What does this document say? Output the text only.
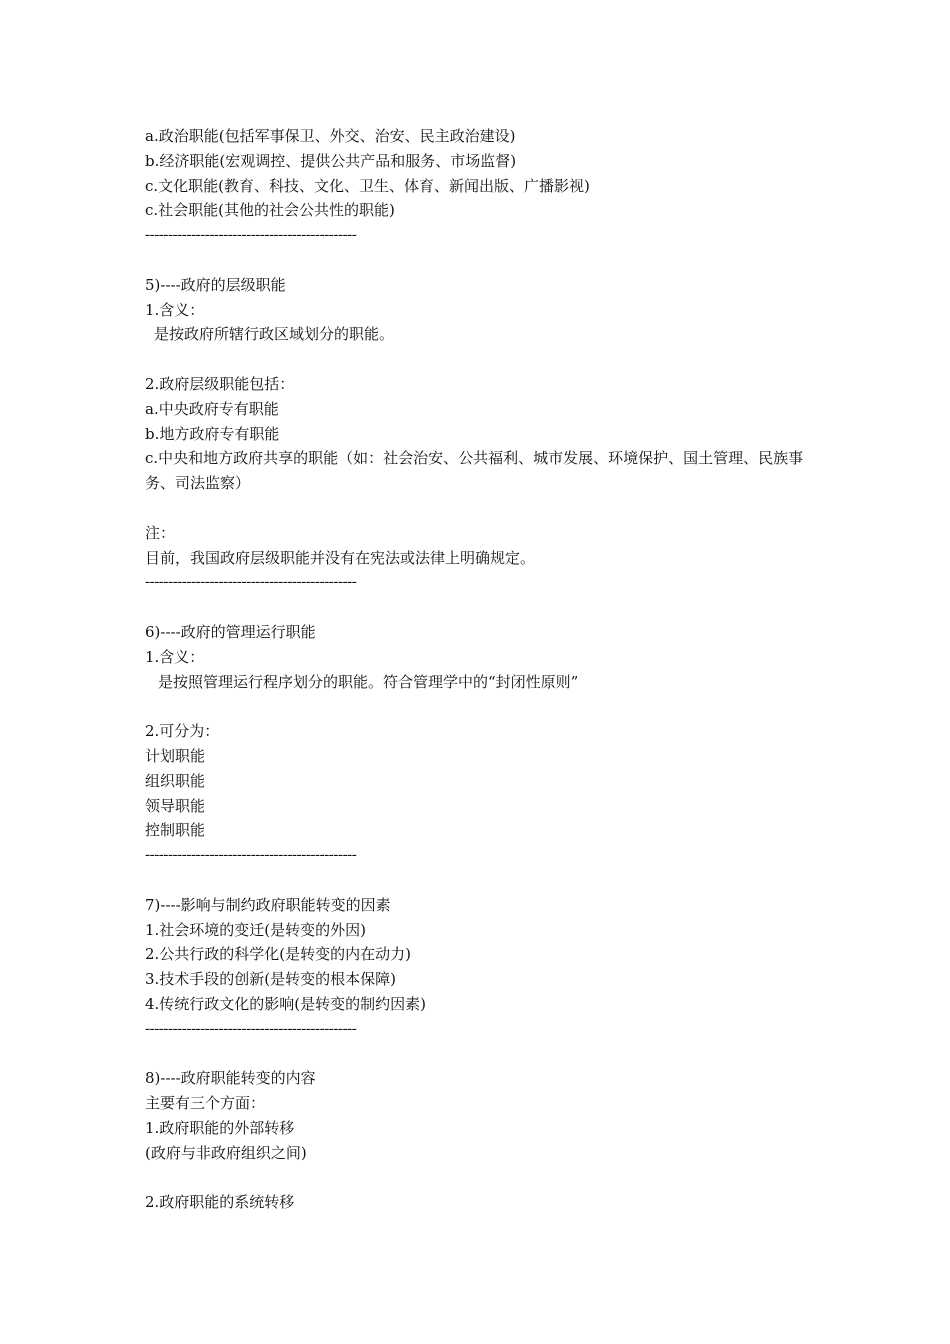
a.政治职能(包括军事保卫、外交、治安、民主政治建设)

b.经济职能(宏观调控、提供公共产品和服务、市场监督)

c.文化职能(教育、科技、文化、卫生、体育、新闻出版、广播影视)

c.社会职能(其他的社会公共性的职能)

----------------------------------------------

5)----政府的层级职能

1.含义：

是按政府所辖行政区域划分的职能。

2.政府层级职能包括：

a.中央政府专有职能

b.地方政府专有职能

c.中央和地方政府共享的职能（如：社会治安、公共福利、城市发展、环境保护、国土管理、民族事务、司法监察）

注：

目前，我国政府层级职能并没有在宪法或法律上明确规定。

----------------------------------------------

6)----政府的管理运行职能

1.含义：

是按照管理运行程序划分的职能。符合管理学中的“封闭性原则”

2.可分为：

计划职能

组织职能

领导职能

控制职能

----------------------------------------------

7)----影响与制约政府职能转变的因素

1.社会环境的变迁(是转变的外因)

2.公共行政的科学化(是转变的内在动力)

3.技术手段的创新(是转变的根本保障)

4.传统行政文化的影响(是转变的制约因素)

----------------------------------------------

8)----政府职能转变的内容

主要有三个方面：

1.政府职能的外部转移

(政府与非政府组织之间)

2.政府职能的系统转移
